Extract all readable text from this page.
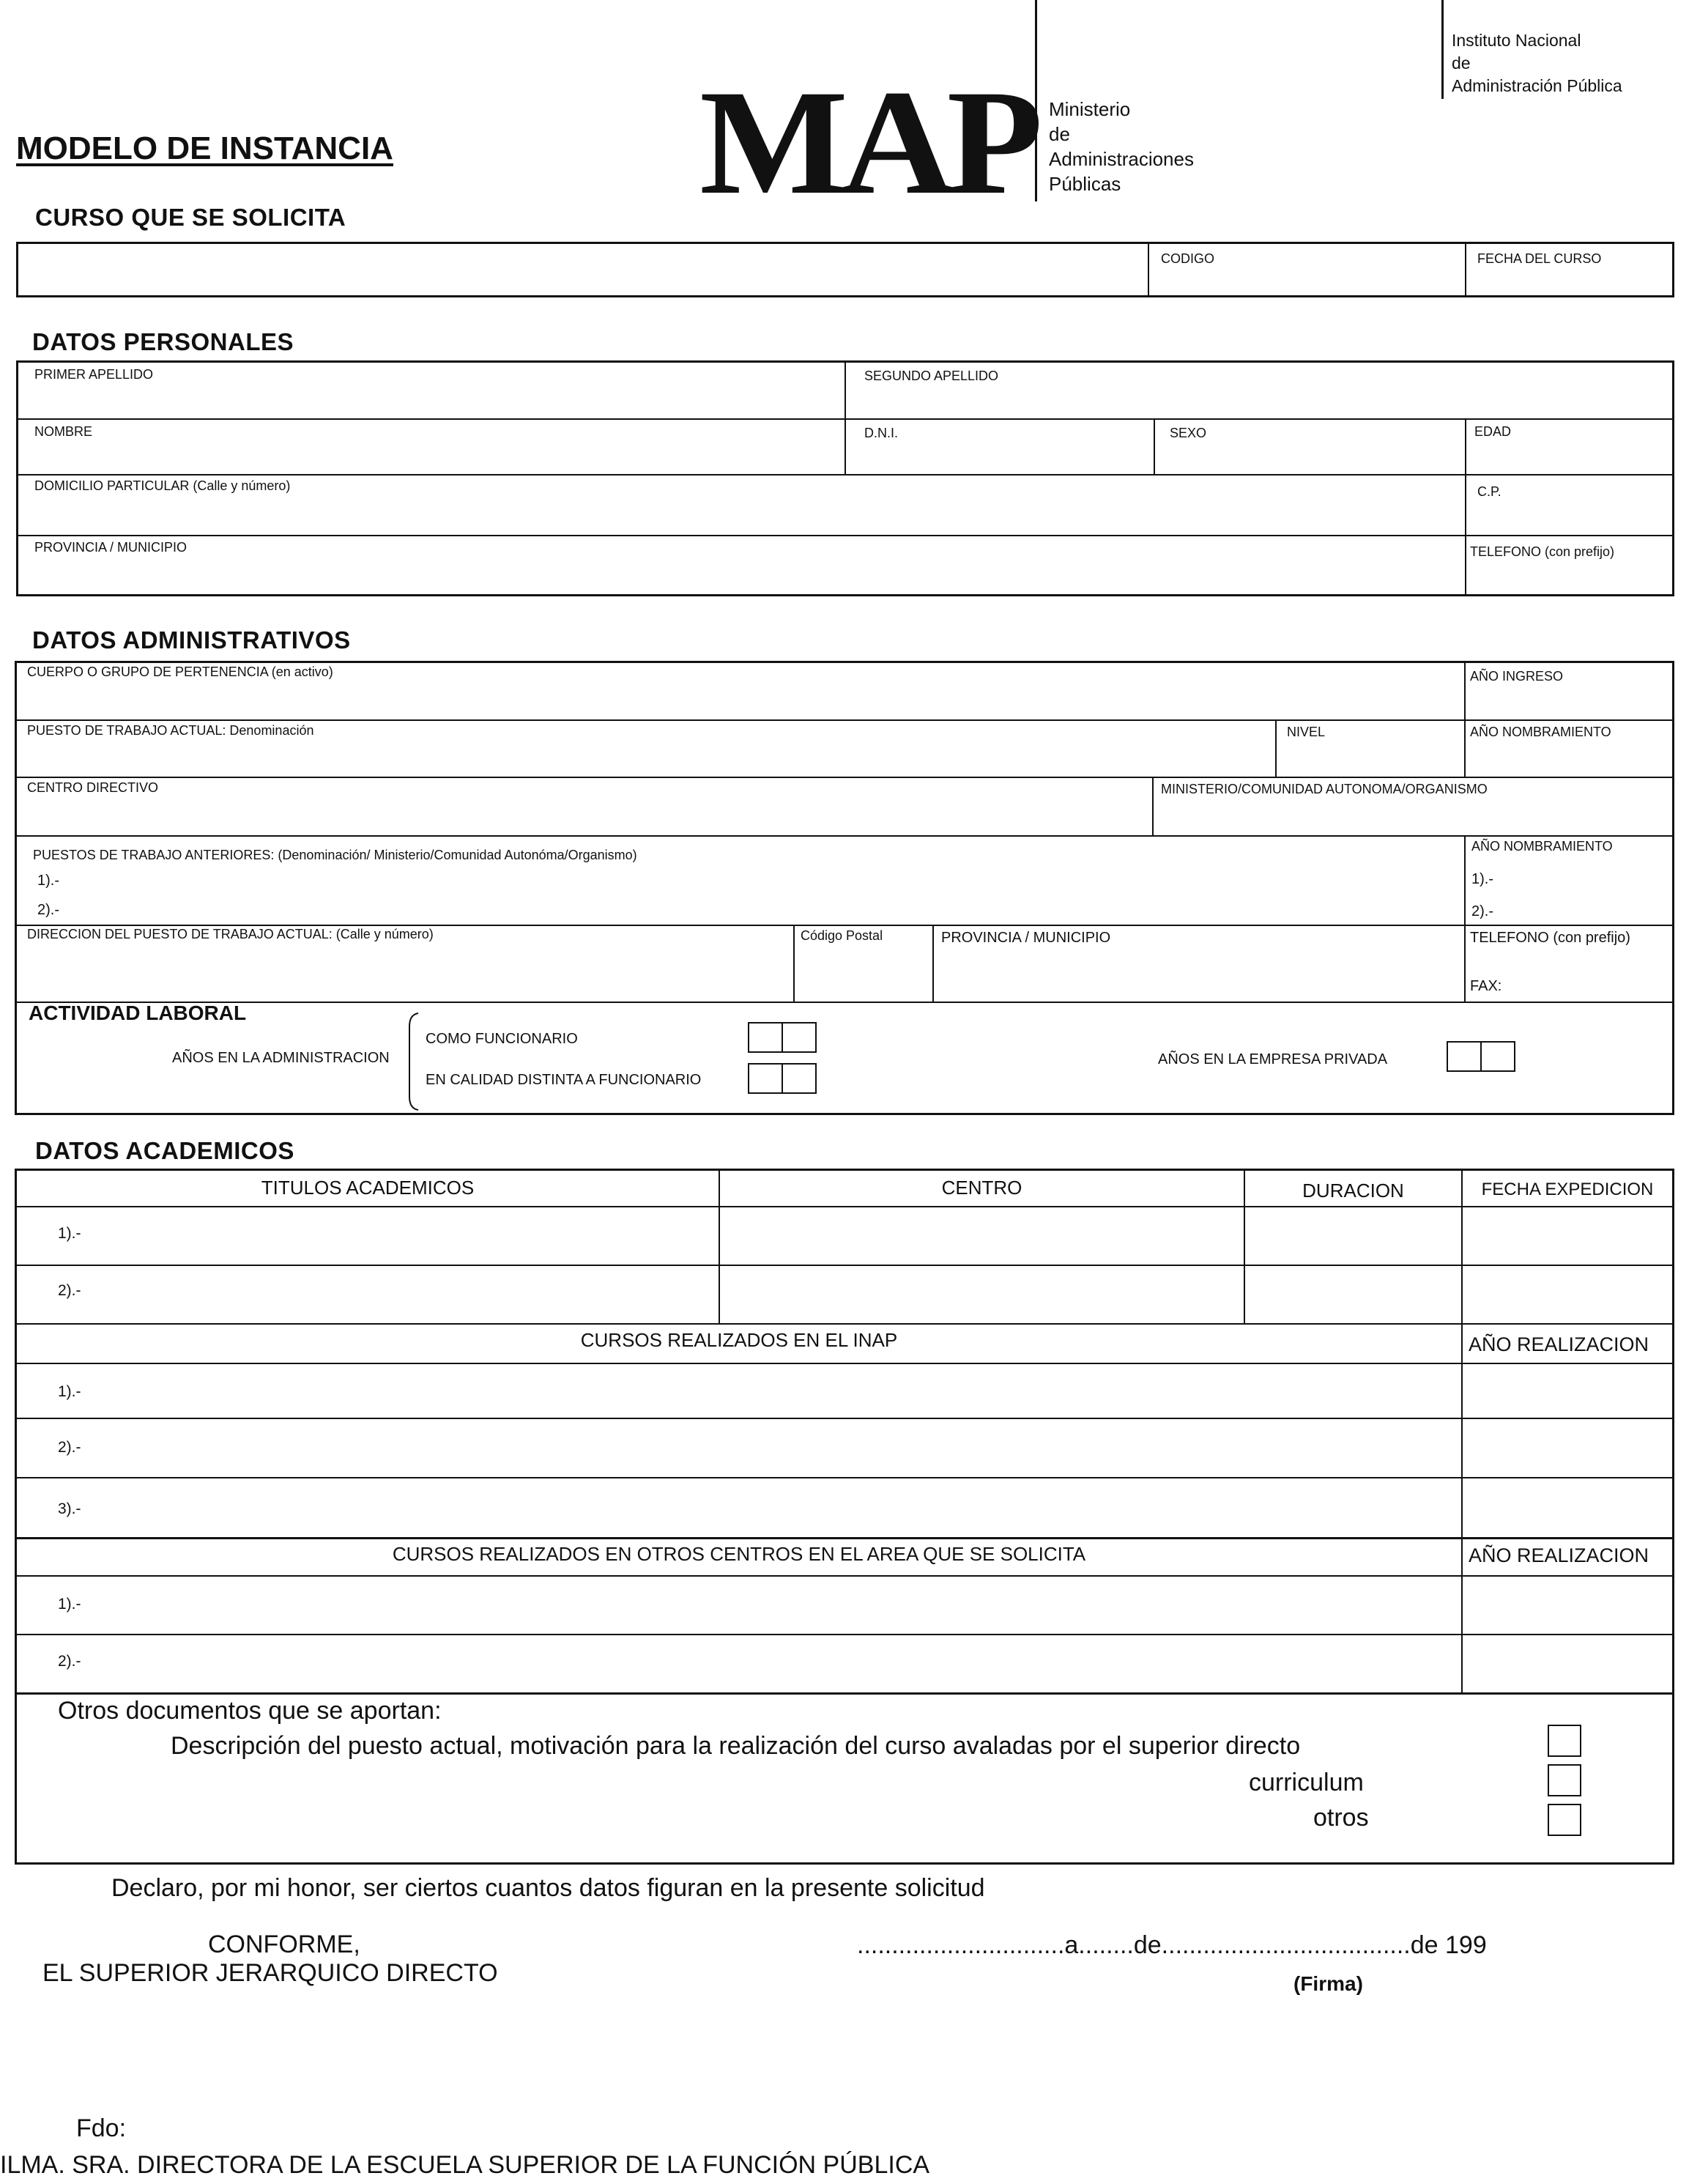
MODELO DE INSTANCIA MAP Ministerio
de
Administraciones
Públicas
Instituto Nacional
de
Administración Pública
CURSO QUE SE SOLICITA
CODIGO	FECHA DEL CURSO
DATOS PERSONALES
PRIMER APELLIDO	SEGUNDO APELLIDO
NOMBRE	D.N.I.	SEXO	EDAD
DOMICILIO PARTICULAR (Calle y número)	C.P.
PROVINCIA / MUNICIPIO	TELEFONO (con prefijo)
DATOS ADMINISTRATIVOS
CUERPO O GRUPO DE PERTENENCIA (en activo)	AÑO INGRESO
PUESTO DE TRABAJO ACTUAL: Denominación	NIVEL	AÑO NOMBRAMIENTO
CENTRO DIRECTIVO	MINISTERIO/COMUNIDAD AUTONOMA/ORGANISMO
PUESTOS DE TRABAJO ANTERIORES: (Denominación/ Ministerio/Comunidad Autonóma/Organismo)
1).-
2).-
AÑO NOMBRAMIENTO
1).-
2).-
DIRECCION DEL PUESTO DE TRABAJO ACTUAL: (Calle y número)	Código Postal	PROVINCIA / MUNICIPIO	TELEFONO (con prefijo)
FAX:
ACTIVIDAD LABORAL
AÑOS EN LA ADMINISTRACION
COMO FUNCIONARIO
EN CALIDAD DISTINTA A FUNCIONARIO
AÑOS EN LA EMPRESA PRIVADA
DATOS ACADEMICOS
TITULOS ACADEMICOS	CENTRO	DURACION	FECHA EXPEDICION
1).-
2).-
CURSOS REALIZADOS EN EL INAP	AÑO REALIZACION
1).-
2).-
3).-
CURSOS REALIZADOS EN OTROS CENTROS EN EL AREA QUE SE SOLICITA	AÑO REALIZACION
1).-
2).-
Otros documentos que se aportan:
Descripción del puesto actual, motivación para la realización del curso avaladas por el superior directo
curriculum
otros
Declaro, por mi honor, ser ciertos cuantos datos figuran en la presente solicitud
CONFORME,
EL SUPERIOR JERARQUICO DIRECTO
..............................a........de....................................de 199
(Firma)
Fdo:
ILMA. SRA. DIRECTORA DE LA ESCUELA SUPERIOR DE LA FUNCIÓN PÚBLICA
